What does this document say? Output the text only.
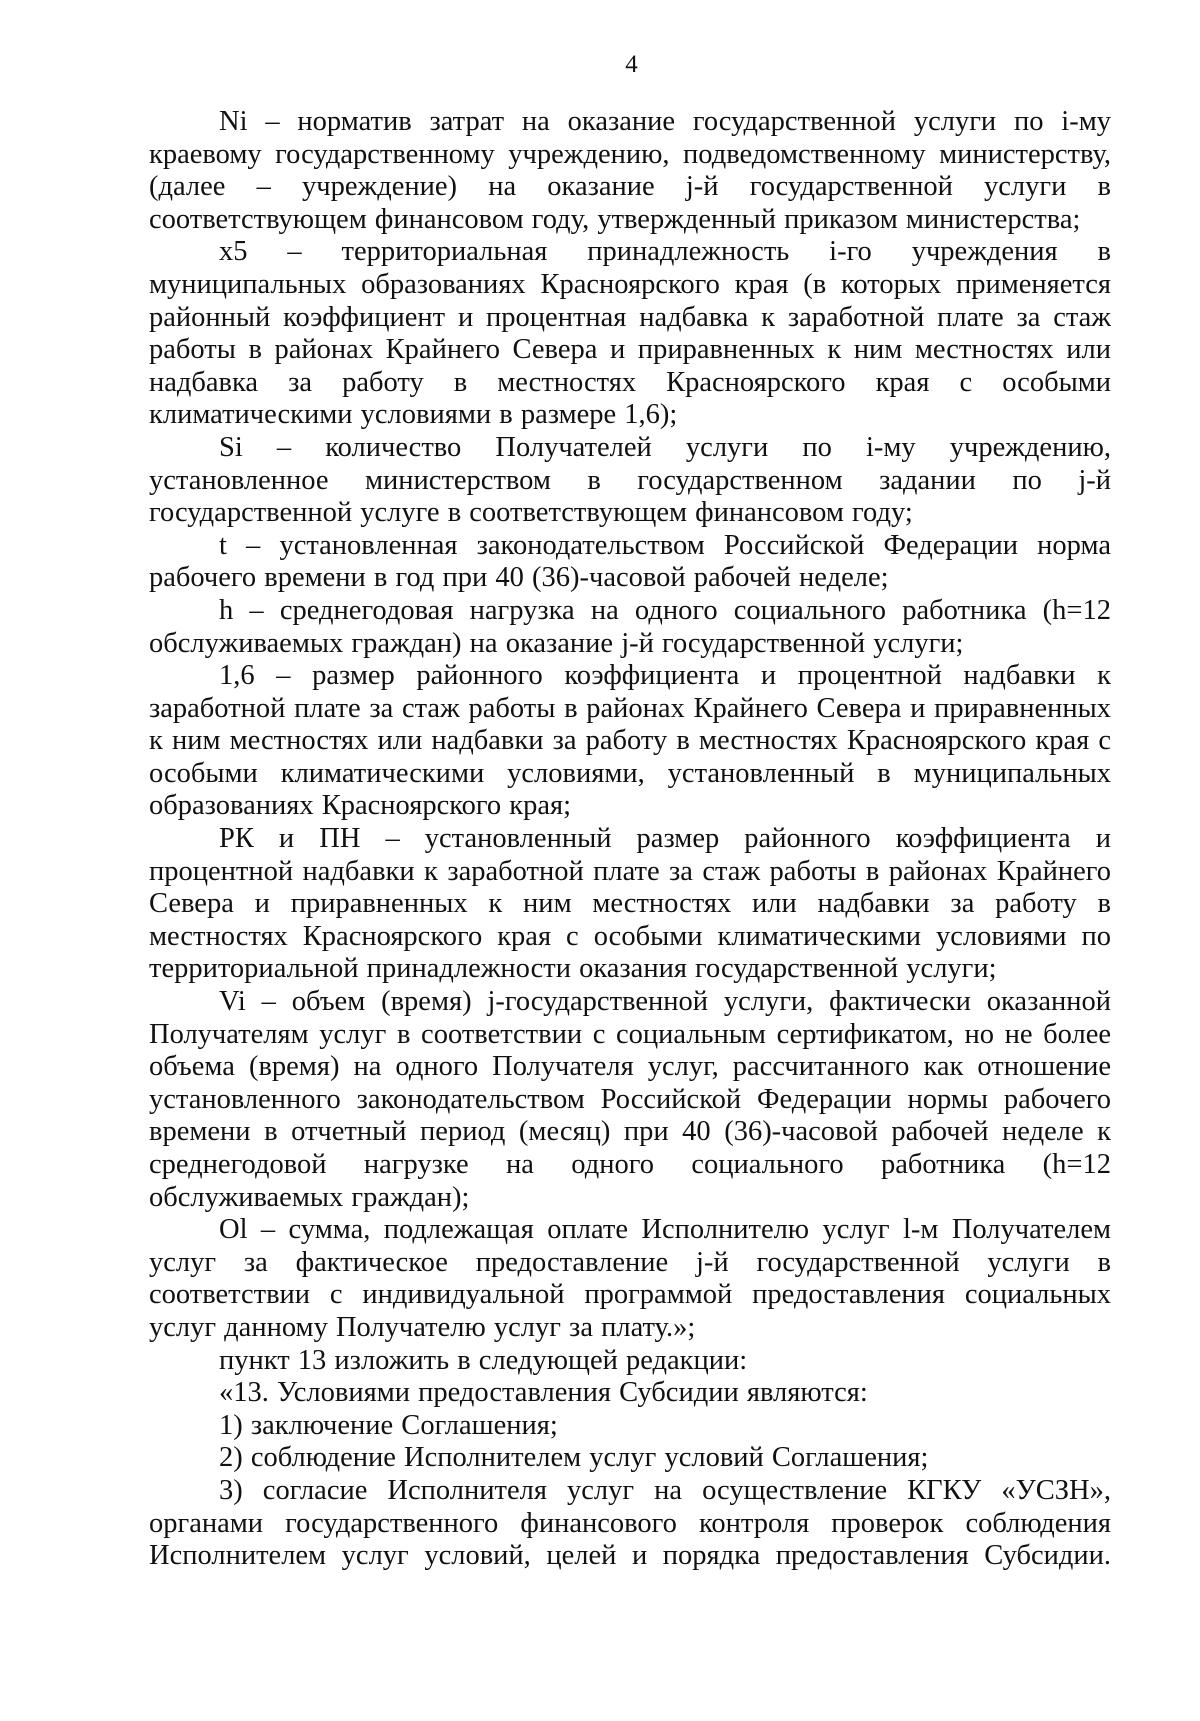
4

Ni – норматив затрат на оказание государственной услуги по i-му краевому государственному учреждению, подведомственному министерству, (далее – учреждение) на оказание j-й государственной услуги в соответствующем финансовом году, утвержденный приказом министерства;

x5 – территориальная принадлежность i-го учреждения в муниципальных образованиях Красноярского края (в которых применяется районный коэффициент и процентная надбавка к заработной плате за стаж работы в районах Крайнего Севера и приравненных к ним местностях или надбавка за работу в местностях Красноярского края с особыми климатическими условиями в размере 1,6);

Si – количество Получателей услуги по i-му учреждению, установленное министерством в государственном задании по j-й государственной услуге в соответствующем финансовом году;

t – установленная законодательством Российской Федерации норма рабочего времени в год при 40 (36)-часовой рабочей неделе;

h – среднегодовая нагрузка на одного социального работника (h=12 обслуживаемых граждан) на оказание j-й государственной услуги;

1,6 – размер районного коэффициента и процентной надбавки к заработной плате за стаж работы в районах Крайнего Севера и приравненных к ним местностях или надбавки за работу в местностях Красноярского края с особыми климатическими условиями, установленный в муниципальных образованиях Красноярского края;

РК и ПН – установленный размер районного коэффициента и процентной надбавки к заработной плате за стаж работы в районах Крайнего Севера и приравненных к ним местностях или надбавки за работу в местностях Красноярского края с особыми климатическими условиями по территориальной принадлежности оказания государственной услуги;

Vi – объем (время) j-государственной услуги, фактически оказанной Получателям услуг в соответствии с социальным сертификатом, но не более объема (время) на одного Получателя услуг, рассчитанного как отношение установленного законодательством Российской Федерации нормы рабочего времени в отчетный период (месяц) при 40 (36)-часовой рабочей неделе к среднегодовой нагрузке на одного социального работника (h=12 обслуживаемых граждан);

Ol – сумма, подлежащая оплате Исполнителю услуг l-м Получателем услуг за фактическое предоставление j-й государственной услуги в соответствии с индивидуальной программой предоставления социальных услуг данному Получателю услуг за плату.»;

пункт 13 изложить в следующей редакции:

«13. Условиями предоставления Субсидии являются:

1) заключение Соглашения;

2) соблюдение Исполнителем услуг условий Соглашения;

3) согласие Исполнителя услуг на осуществление КГКУ «УСЗН», органами государственного финансового контроля проверок соблюдения Исполнителем услуг условий, целей и порядка предоставления Субсидии.
